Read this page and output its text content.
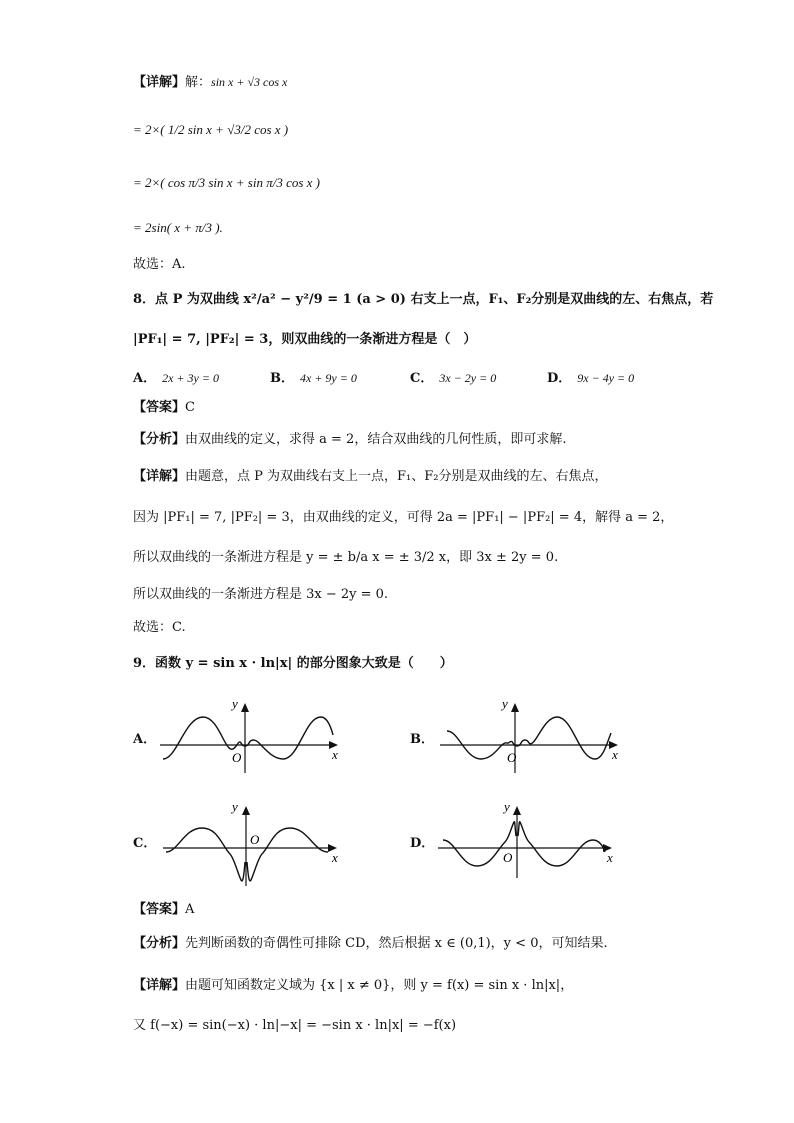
【详解】解：sin x + √3 cos x
= 2×( 1/2 sin x + √3/2 cos x )
= 2×( cos π/3 sin x + sin π/3 cos x )
= 2sin( x + π/3 ).
故选：A.
8．点 P 为双曲线 x²/a² − y²/9 = 1 (a > 0) 右支上一点，F₁、F₂分别是双曲线的左、右焦点，若
|PF₁| = 7, |PF₂| = 3，则双曲线的一条渐进方程是（　）
A． 2x + 3y = 0	B． 4x + 9y = 0	C． 3x − 2y = 0	D． 9x − 4y = 0
【答案】C
【分析】由双曲线的定义，求得 a = 2，结合双曲线的几何性质，即可求解.
【详解】由题意，点 P 为双曲线右支上一点，F₁、F₂分别是双曲线的左、右焦点，
因为 |PF₁| = 7, |PF₂| = 3，由双曲线的定义，可得 2a = |PF₁| − |PF₂| = 4，解得 a = 2，
所以双曲线的一条渐进方程是 y = ± b/a x = ± 3/2 x，即 3x ± 2y = 0.
所以双曲线的一条渐进方程是 3x − 2y = 0.
故选：C.
9．函数 y = sin x · ln|x| 的部分图象大致是（　　）
A．
y
x
O
B．
y
x
O
C．
y
x
O	D．
y
x
O
【答案】A
【分析】先判断函数的奇偶性可排除 CD，然后根据 x ∈ (0,1)，y < 0，可知结果.
【详解】由题可知函数定义域为 {x | x ≠ 0}，则 y = f(x) = sin x · ln|x|，
又 f(−x) = sin(−x) · ln|−x| = −sin x · ln|x| = −f(x)
